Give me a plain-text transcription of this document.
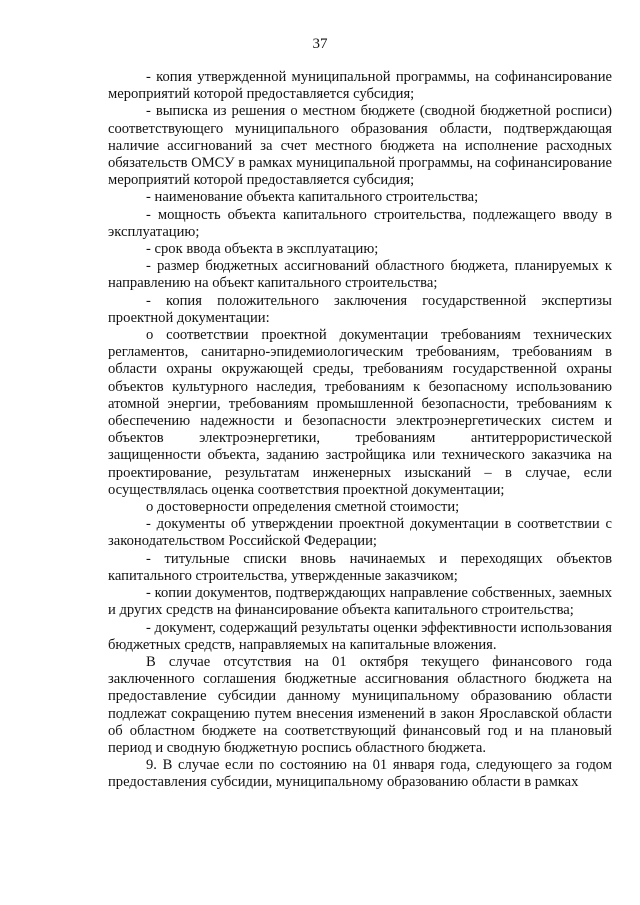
37

- копия утвержденной муниципальной программы, на софинансирование мероприятий которой предоставляется субсидия;

- выписка из решения о местном бюджете (сводной бюджетной росписи) соответствующего муниципального образования области, подтверждающая наличие ассигнований за счет местного бюджета на исполнение расходных обязательств ОМСУ в рамках муниципальной программы, на софинансирование мероприятий которой предоставляется субсидия;

- наименование объекта капитального строительства;

- мощность объекта капитального строительства, подлежащего вводу в эксплуатацию;

- срок ввода объекта в эксплуатацию;

- размер бюджетных ассигнований областного бюджета, планируемых к направлению на объект капитального строительства;

- копия положительного заключения государственной экспертизы проектной документации:

о соответствии проектной документации требованиям технических регламентов, санитарно-эпидемиологическим требованиям, требованиям в области охраны окружающей среды, требованиям государственной охраны объектов культурного наследия, требованиям к безопасному использованию атомной энергии, требованиям промышленной безопасности, требованиям к обеспечению надежности и безопасности электроэнергетических систем и объектов электроэнергетики, требованиям антитеррористической защищенности объекта, заданию застройщика или технического заказчика на проектирование, результатам инженерных изысканий – в случае, если осуществлялась оценка соответствия проектной документации;

о достоверности определения сметной стоимости;

- документы об утверждении проектной документации в соответствии с законодательством Российской Федерации;

- титульные списки вновь начинаемых и переходящих объектов капитального строительства, утвержденные заказчиком;

- копии документов, подтверждающих направление собственных, заемных и других средств на финансирование объекта капитального строительства;

- документ, содержащий результаты оценки эффективности использования бюджетных средств, направляемых на капитальные вложения.

В случае отсутствия на 01 октября текущего финансового года заключенного соглашения бюджетные ассигнования областного бюджета на предоставление субсидии данному муниципальному образованию области подлежат сокращению путем внесения изменений в закон Ярославской области об областном бюджете на соответствующий финансовый год и на плановый период и сводную бюджетную роспись областного бюджета.

9. В случае если по состоянию на 01 января года, следующего за годом предоставления субсидии, муниципальному образованию области в рамках
